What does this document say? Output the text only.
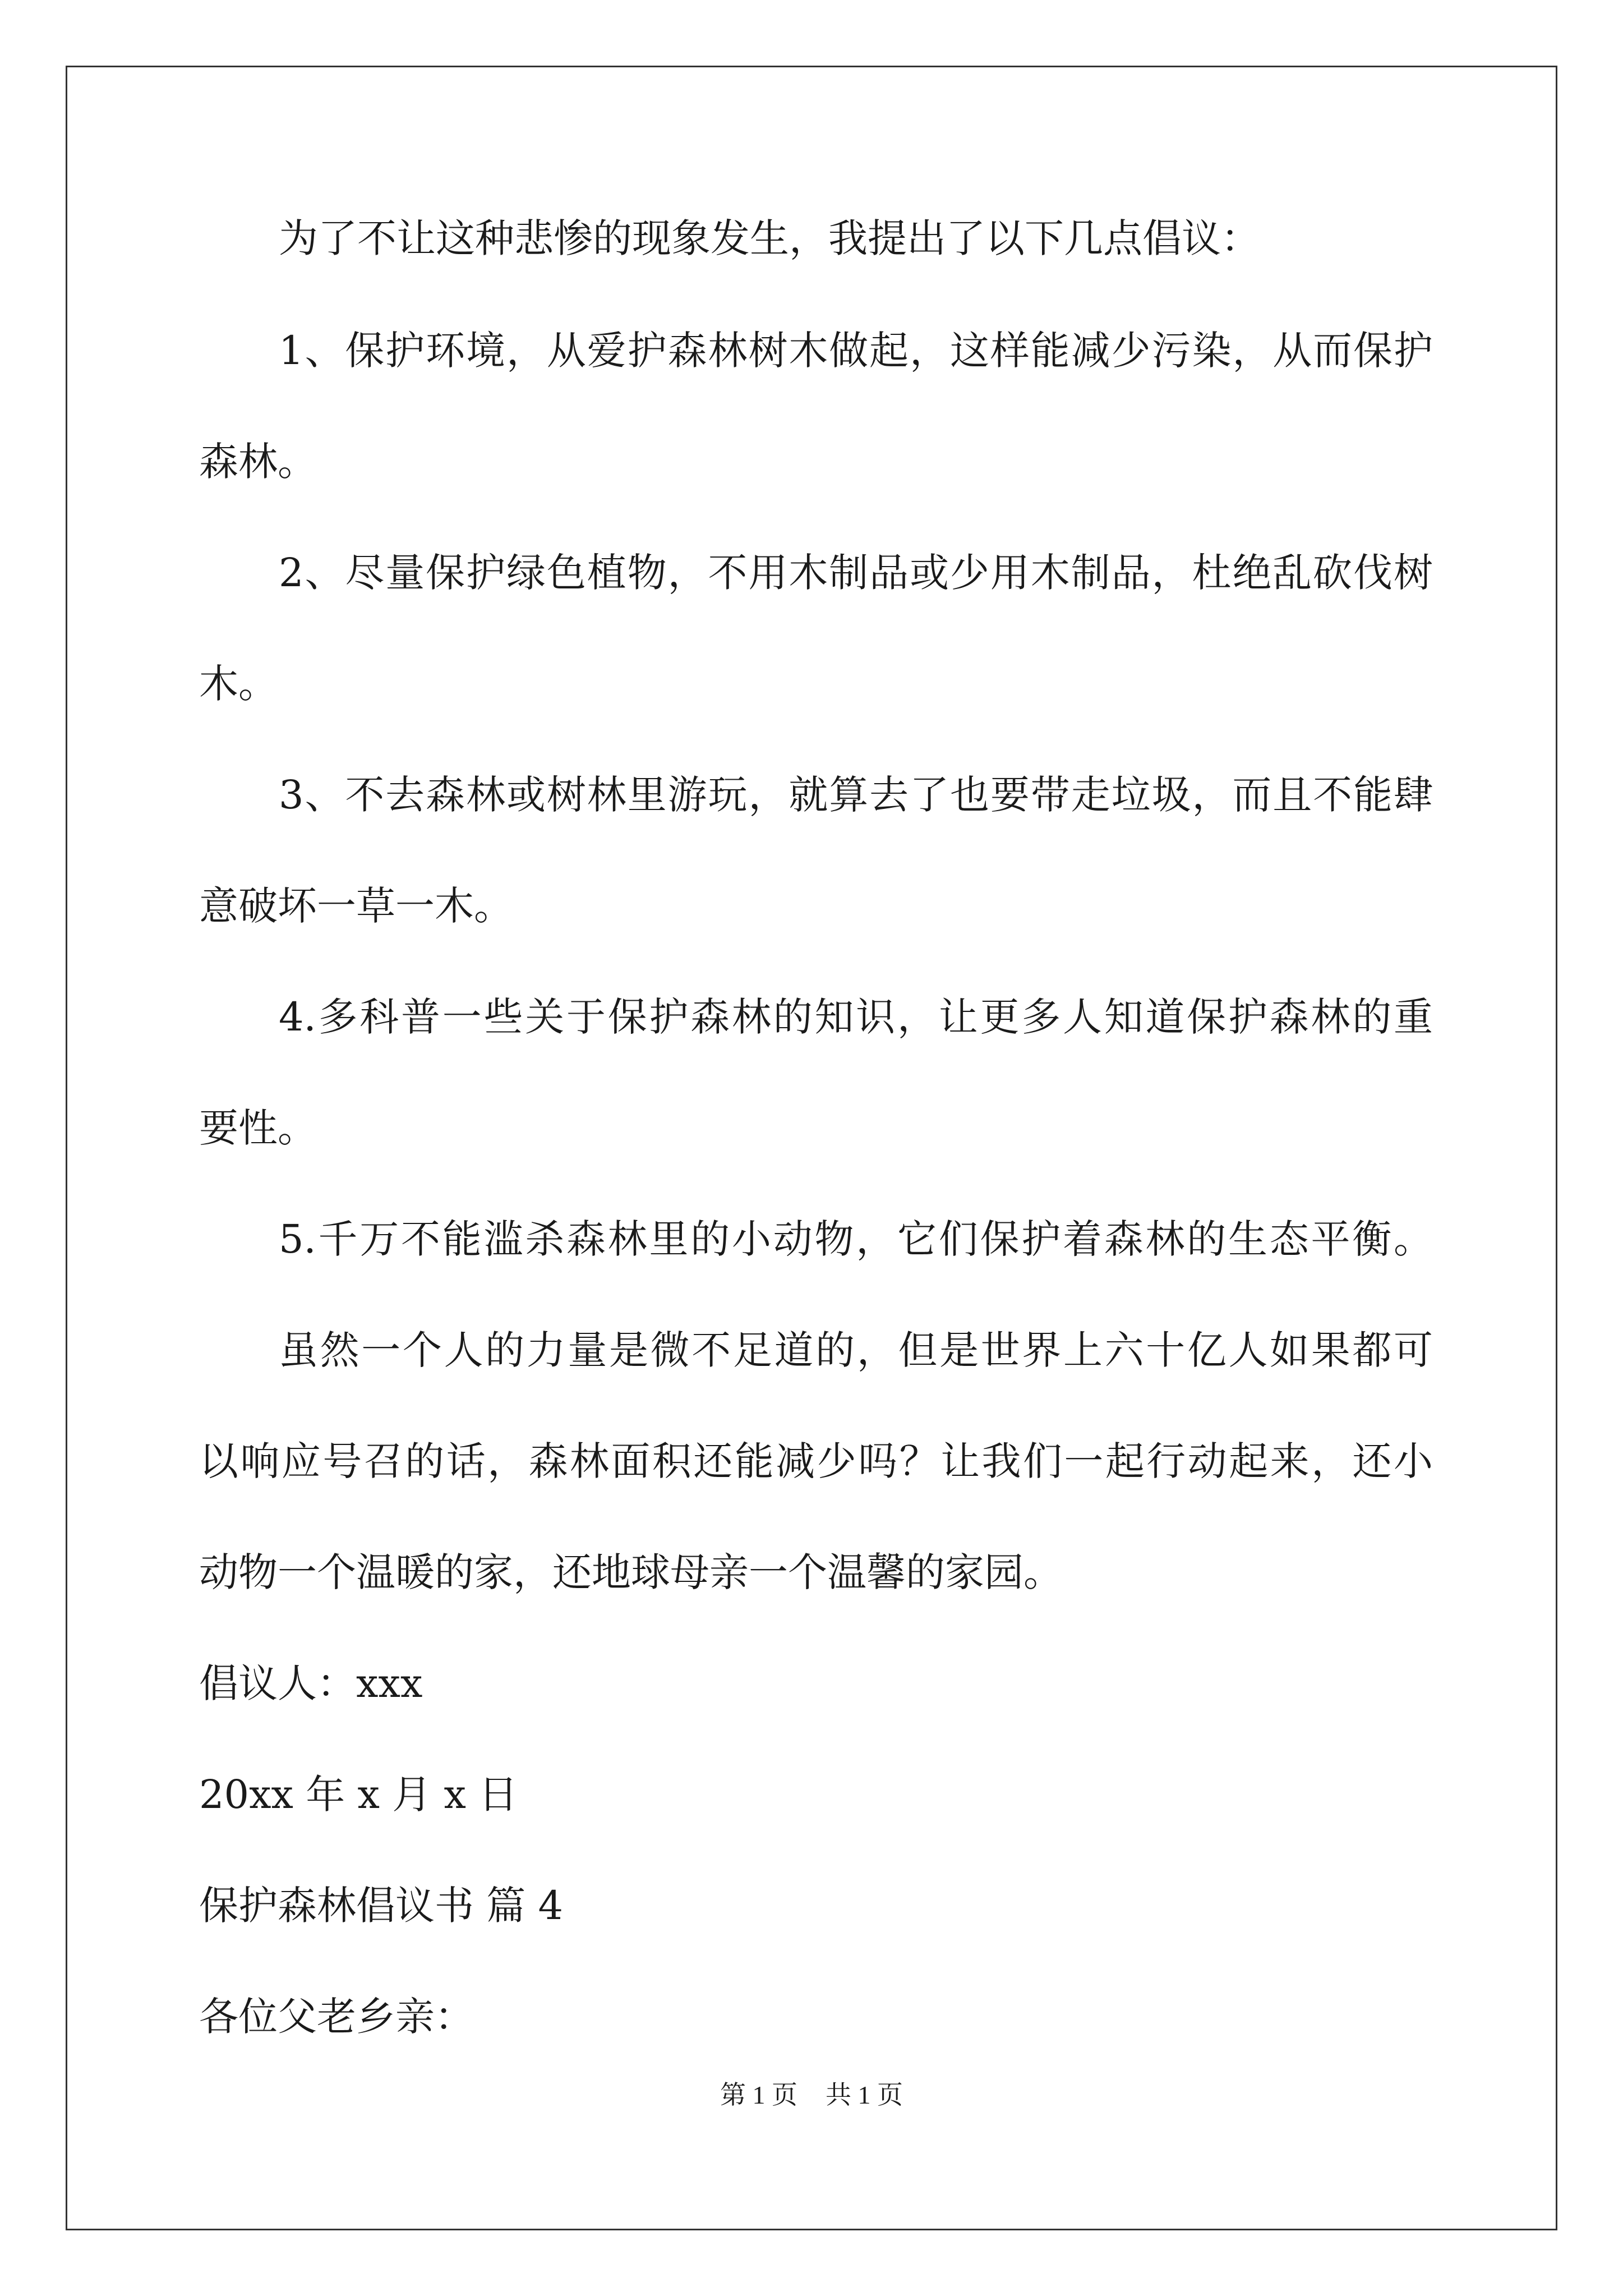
为了不让这种悲惨的现象发生，我提出了以下几点倡议：
1、保护环境，从爱护森林树木做起，这样能减少污染，从而保护
森林。
2、尽量保护绿色植物，不用木制品或少用木制品，杜绝乱砍伐树
木。
3、不去森林或树林里游玩，就算去了也要带走垃圾，而且不能肆
意破坏一草一木。
4.多科普一些关于保护森林的知识，让更多人知道保护森林的重
要性。
5.千万不能滥杀森林里的小动物，它们保护着森林的生态平衡。
虽然一个人的力量是微不足道的，但是世界上六十亿人如果都可
以响应号召的话，森林面积还能减少吗？让我们一起行动起来，还小
动物一个温暖的家，还地球母亲一个温馨的家园。
倡议人：xxx
20xx 年 x 月 x 日
保护森林倡议书 篇 4
各位父老乡亲：
第 1 页 共 1 页
